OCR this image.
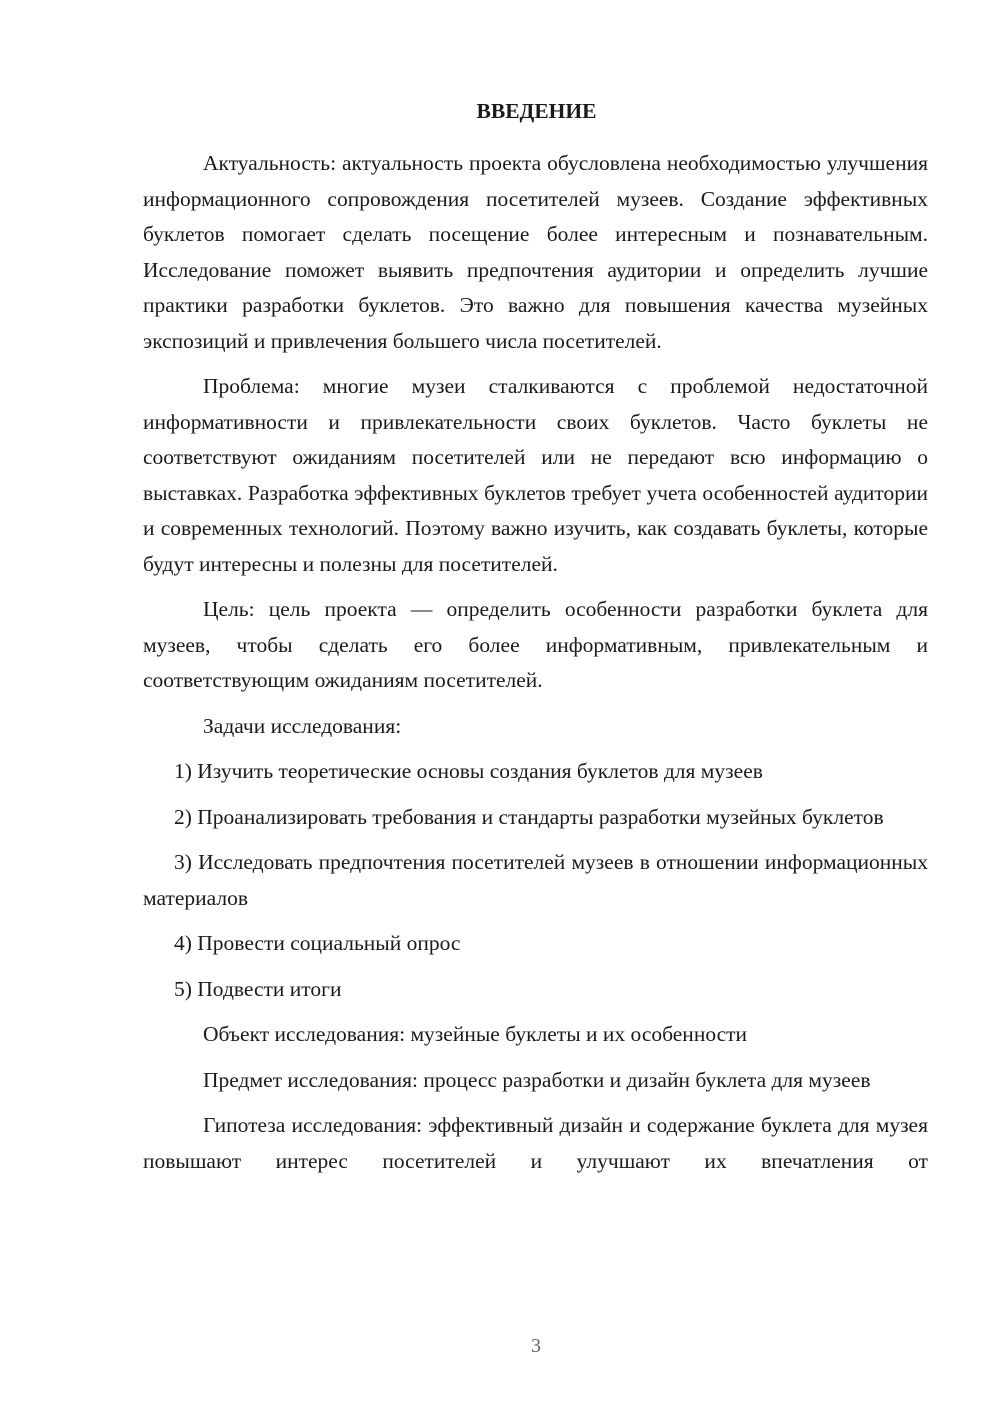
ВВЕДЕНИЕ

Актуальность: актуальность проекта обусловлена необходимостью улучшения информационного сопровождения посетителей музеев. Создание эффективных буклетов помогает сделать посещение более интересным и познавательным. Исследование поможет выявить предпочтения аудитории и определить лучшие практики разработки буклетов. Это важно для повышения качества музейных экспозиций и привлечения большего числа посетителей.

Проблема: многие музеи сталкиваются с проблемой недостаточной информативности и привлекательности своих буклетов. Часто буклеты не соответствуют ожиданиям посетителей или не передают всю информацию о выставках. Разработка эффективных буклетов требует учета особенностей аудитории и современных технологий. Поэтому важно изучить, как создавать буклеты, которые будут интересны и полезны для посетителей.

Цель: цель проекта — определить особенности разработки буклета для музеев, чтобы сделать его более информативным, привлекательным и соответствующим ожиданиям посетителей.

Задачи исследования:

1) Изучить теоретические основы создания буклетов для музеев

2) Проанализировать требования и стандарты разработки музейных буклетов

3) Исследовать предпочтения посетителей музеев в отношении информационных материалов

4) Провести социальный опрос

5) Подвести итоги

Объект исследования: музейные буклеты и их особенности

Предмет исследования: процесс разработки и дизайн буклета для музеев

Гипотеза исследования: эффективный дизайн и содержание буклета для музея повышают интерес посетителей и улучшают их впечатления от

3
